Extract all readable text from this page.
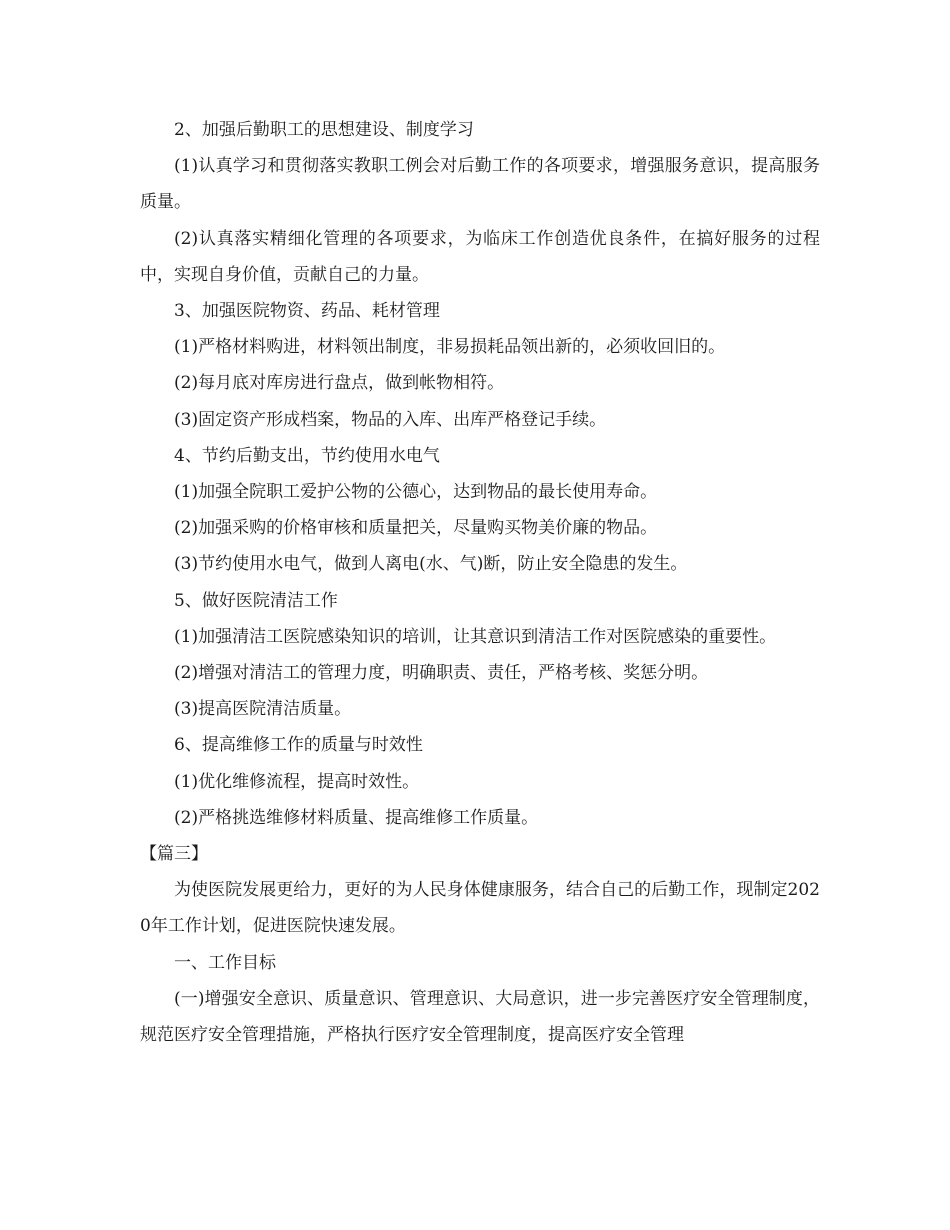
2、加强后勤职工的思想建设、制度学习

(1)认真学习和贯彻落实教职工例会对后勤工作的各项要求，增强服务意识，提高服务质量。

(2)认真落实精细化管理的各项要求，为临床工作创造优良条件，在搞好服务的过程中，实现自身价值，贡献自己的力量。

3、加强医院物资、药品、耗材管理

(1)严格材料购进，材料领出制度，非易损耗品领出新的，必须收回旧的。

(2)每月底对库房进行盘点，做到帐物相符。

(3)固定资产形成档案，物品的入库、出库严格登记手续。

4、节约后勤支出，节约使用水电气

(1)加强全院职工爱护公物的公德心，达到物品的最长使用寿命。

(2)加强采购的价格审核和质量把关，尽量购买物美价廉的物品。

(3)节约使用水电气，做到人离电(水、气)断，防止安全隐患的发生。

5、做好医院清洁工作

(1)加强清洁工医院感染知识的培训，让其意识到清洁工作对医院感染的重要性。

(2)增强对清洁工的管理力度，明确职责、责任，严格考核、奖惩分明。

(3)提高医院清洁质量。

6、提高维修工作的质量与时效性

(1)优化维修流程，提高时效性。

(2)严格挑选维修材料质量、提高维修工作质量。

【篇三】

为使医院发展更给力，更好的为人民身体健康服务，结合自己的后勤工作，现制定2020年工作计划，促进医院快速发展。

一、工作目标

(一)增强安全意识、质量意识、管理意识、大局意识，进一步完善医疗安全管理制度，规范医疗安全管理措施，严格执行医疗安全管理制度，提高医疗安全管理
